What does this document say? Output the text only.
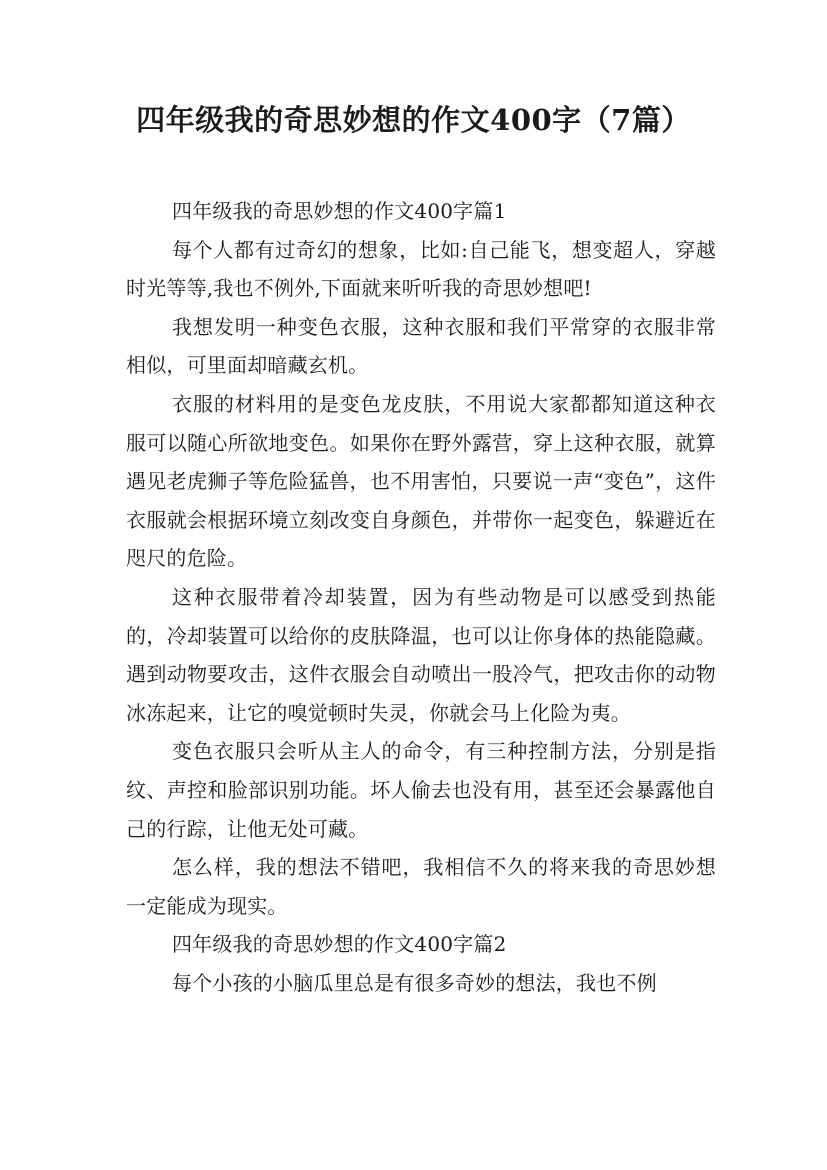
四年级我的奇思妙想的作文400字（7篇）

四年级我的奇思妙想的作文400字篇1

每个人都有过奇幻的想象，比如:自己能飞，想变超人，穿越时光等等,我也不例外,下面就来听听我的奇思妙想吧!

我想发明一种变色衣服，这种衣服和我们平常穿的衣服非常相似，可里面却暗藏玄机。

衣服的材料用的是变色龙皮肤，不用说大家都都知道这种衣服可以随心所欲地变色。如果你在野外露营，穿上这种衣服，就算遇见老虎狮子等危险猛兽，也不用害怕，只要说一声“变色”，这件衣服就会根据环境立刻改变自身颜色，并带你一起变色，躲避近在咫尺的危险。

这种衣服带着冷却装置，因为有些动物是可以感受到热能的，冷却装置可以给你的皮肤降温，也可以让你身体的热能隐藏。遇到动物要攻击，这件衣服会自动喷出一股冷气，把攻击你的动物冰冻起来，让它的嗅觉顿时失灵，你就会马上化险为夷。

变色衣服只会听从主人的命令，有三种控制方法，分别是指纹、声控和脸部识别功能。坏人偷去也没有用，甚至还会暴露他自己的行踪，让他无处可藏。

怎么样，我的想法不错吧，我相信不久的将来我的奇思妙想一定能成为现实。

四年级我的奇思妙想的作文400字篇2

每个小孩的小脑瓜里总是有很多奇妙的想法，我也不例
